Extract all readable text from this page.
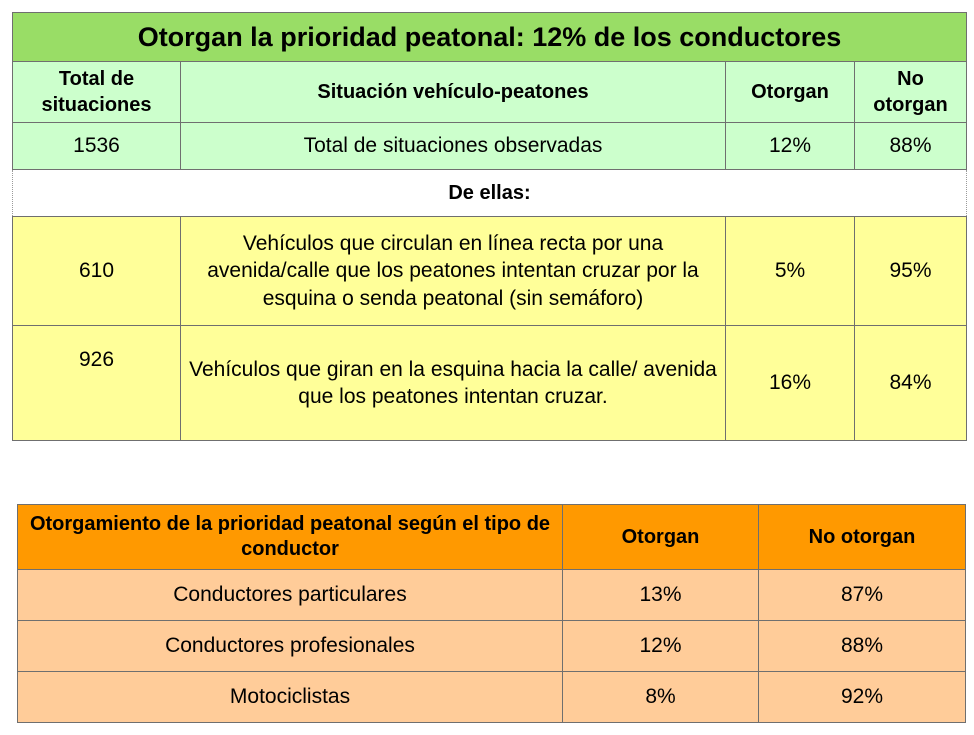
Otorgan la prioridad peatonal: 12% de los conductores			
Total de situaciones	Situación vehículo-peatones	Otorgan	No otorgan
1536	Total de situaciones observadas	12%	88%
De ellas:			
610	Vehículos que circulan en línea recta por una avenida/calle que los peatones intentan cruzar por la esquina o senda peatonal (sin semáforo)	5%	95%
926	Vehículos que giran en la esquina hacia la calle/ avenida que los peatones intentan cruzar.	16%	84%
Otorgamiento de la prioridad peatonal según el tipo de conductor	Otorgan	No otorgan
Conductores particulares	13%	87%
Conductores profesionales	12%	88%
Motociclistas	8%	92%
